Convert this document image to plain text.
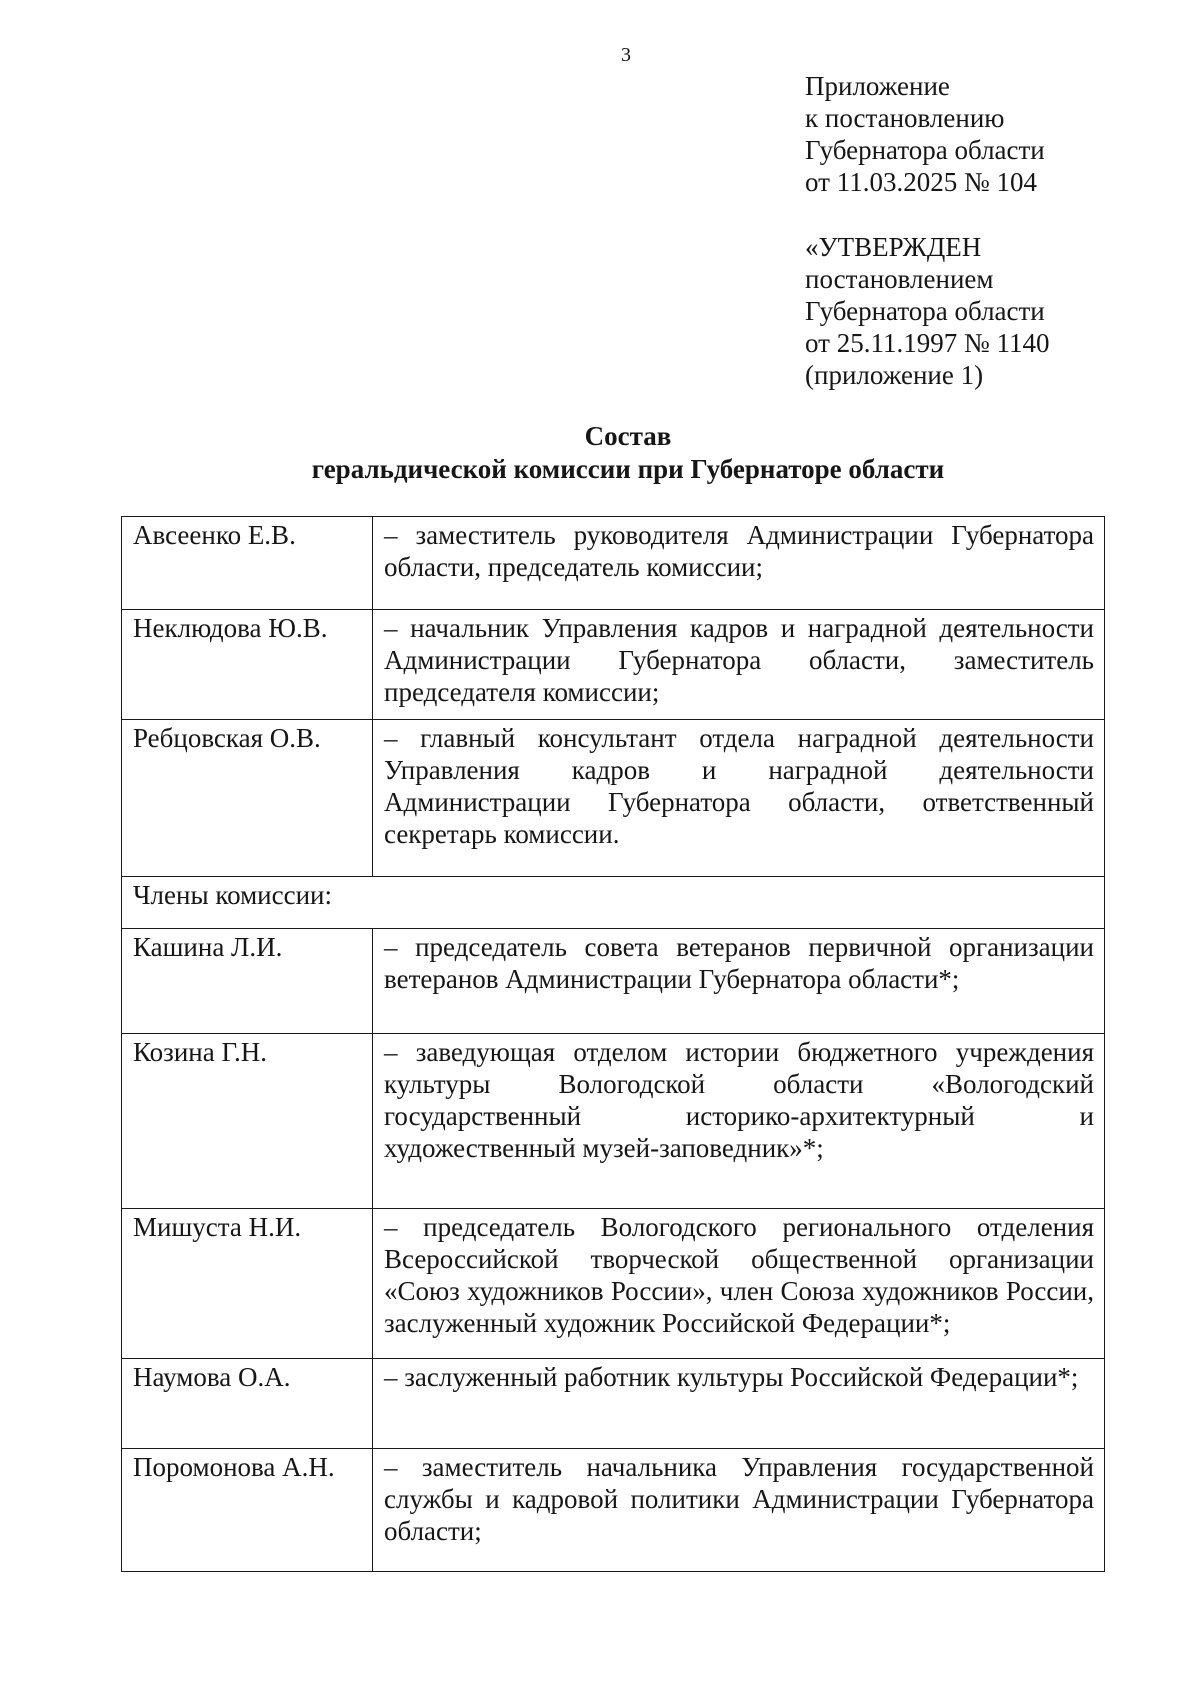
3
Приложение
к постановлению
Губернатора области
от 11.03.2025 № 104
«УТВЕРЖДЕН
постановлением
Губернатора области
от 25.11.1997 № 1140
(приложение 1)
Состав
геральдической комиссии при Губернаторе области
Авсеенко Е.В.	– заместитель руководителя Администрации Губернатора области, председатель комиссии;
Неклюдова Ю.В.	– начальник Управления кадров и наградной деятельности Администрации Губернатора области, заместитель председателя комиссии;
Ребцовская О.В.	– главный консультант отдела наградной деятельности Управления кадров и наградной деятельности Администрации Губернатора области, ответственный секретарь комиссии.
Члены комиссии:	
Кашина Л.И.	– председатель совета ветеранов первичной организации ветеранов Администрации Губернатора области*;
Козина Г.Н.	– заведующая отделом истории бюджетного учреждения культуры Вологодской области «Вологодский государственный историко-архитектурный и художественный музей-заповедник»*;
Мишуста Н.И.	– председатель Вологодского регионального отделения Всероссийской творческой общественной организации «Союз художников России», член Союза художников России, заслуженный художник Российской Федерации*;
Наумова О.А.	– заслуженный работник культуры Российской Федерации*;
Поромонова А.Н.	– заместитель начальника Управления государственной службы и кадровой политики Администрации Губернатора области;
